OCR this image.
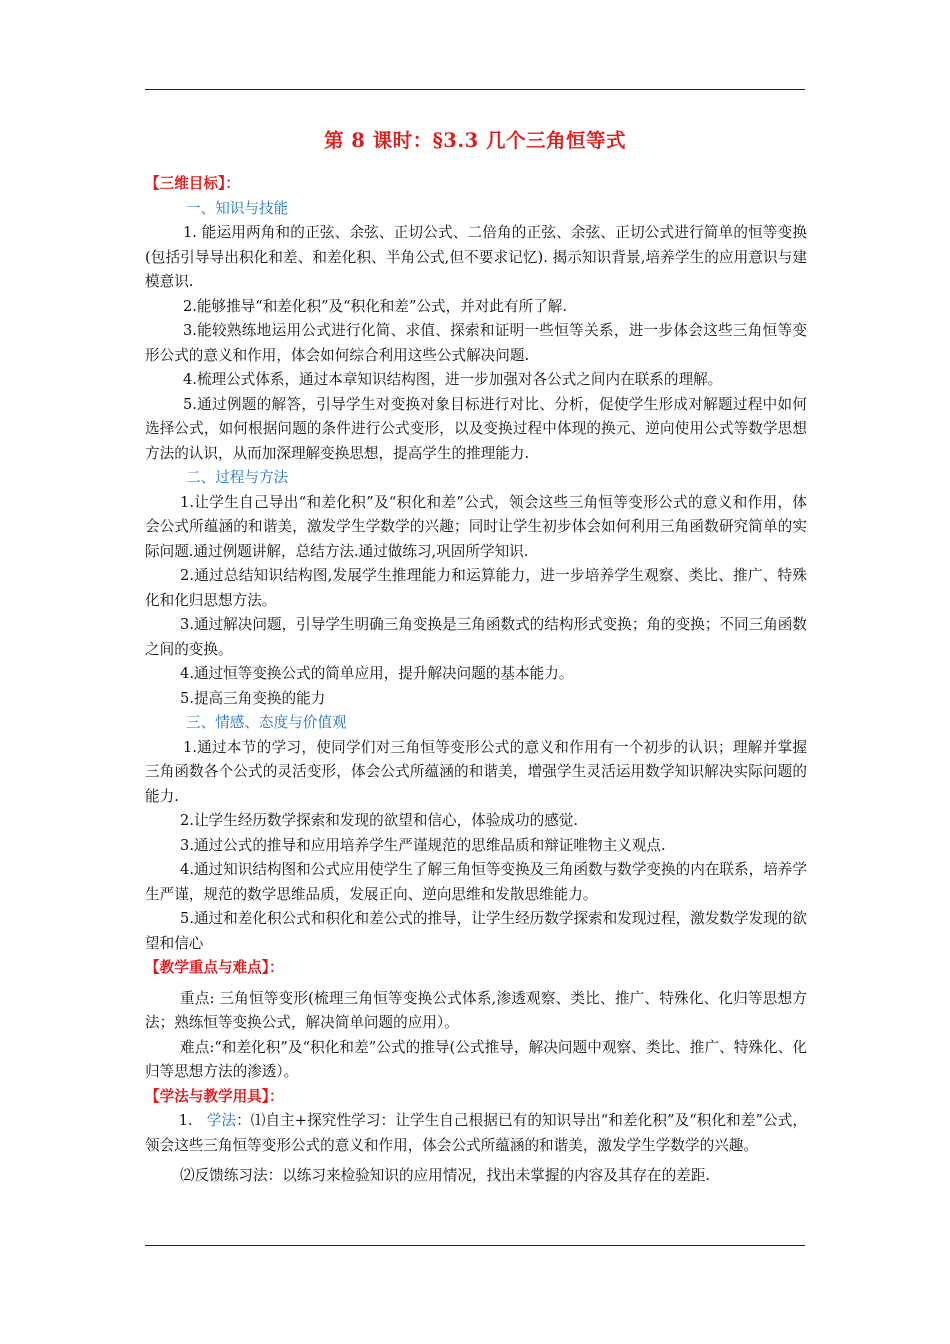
第 8 课时：§3.3 几个三角恒等式

【三维目标】：

一、知识与技能

1. 能运用两角和的正弦、余弦、正切公式、二倍角的正弦、余弦、正切公式进行简单的恒等变换(包括引导导出积化和差、和差化积、半角公式,但不要求记忆). 揭示知识背景,培养学生的应用意识与建模意识.

2.能够推导“和差化积”及“积化和差”公式，并对此有所了解.

3.能较熟练地运用公式进行化简、求值、探索和证明一些恒等关系，进一步体会这些三角恒等变形公式的意义和作用，体会如何综合利用这些公式解决问题.

4.梳理公式体系，通过本章知识结构图，进一步加强对各公式之间内在联系的理解。

5.通过例题的解答，引导学生对变换对象目标进行对比、分析，促使学生形成对解题过程中如何选择公式，如何根据问题的条件进行公式变形，以及变换过程中体现的换元、逆向使用公式等数学思想方法的认识，从而加深理解变换思想，提高学生的推理能力.

二、过程与方法

1.让学生自己导出“和差化积”及“积化和差”公式，领会这些三角恒等变形公式的意义和作用，体会公式所蕴涵的和谐美，激发学生学数学的兴趣；同时让学生初步体会如何利用三角函数研究简单的实际问题.通过例题讲解，总结方法.通过做练习,巩固所学知识.

2.通过总结知识结构图,发展学生推理能力和运算能力，进一步培养学生观察、类比、推广、特殊化和化归思想方法。

3.通过解决问题，引导学生明确三角变换是三角函数式的结构形式变换；角的变换；不同三角函数之间的变换。

4.通过恒等变换公式的简单应用，提升解决问题的基本能力。

5.提高三角变换的能力

三、情感、态度与价值观

1.通过本节的学习，使同学们对三角恒等变形公式的意义和作用有一个初步的认识；理解并掌握三角函数各个公式的灵活变形，体会公式所蕴涵的和谐美，增强学生灵活运用数学知识解决实际问题的能力.

2.让学生经历数学探索和发现的欲望和信心，体验成功的感觉.

3.通过公式的推导和应用培养学生严谨规范的思维品质和辩证唯物主义观点.

4.通过知识结构图和公式应用使学生了解三角恒等变换及三角函数与数学变换的内在联系，培养学生严谨，规范的数学思维品质，发展正向、逆向思维和发散思维能力。

5.通过和差化积公式和积化和差公式的推导，让学生经历数学探索和发现过程，激发数学发现的欲望和信心

【教学重点与难点】：

重点: 三角恒等变形(梳理三角恒等变换公式体系,渗透观察、类比、推广、特殊化、化归等思想方法；熟练恒等变换公式，解决简单问题的应用）。

难点:“和差化积”及“积化和差”公式的推导(公式推导，解决问题中观察、类比、推广、特殊化、化归等思想方法的渗透）。

【学法与教学用具】：

1. 学法：⑴自主+探究性学习：让学生自己根据已有的知识导出“和差化积”及“积化和差”公式，领会这些三角恒等变形公式的意义和作用，体会公式所蕴涵的和谐美，激发学生学数学的兴趣。

⑵反馈练习法：以练习来检验知识的应用情况，找出未掌握的内容及其存在的差距.
